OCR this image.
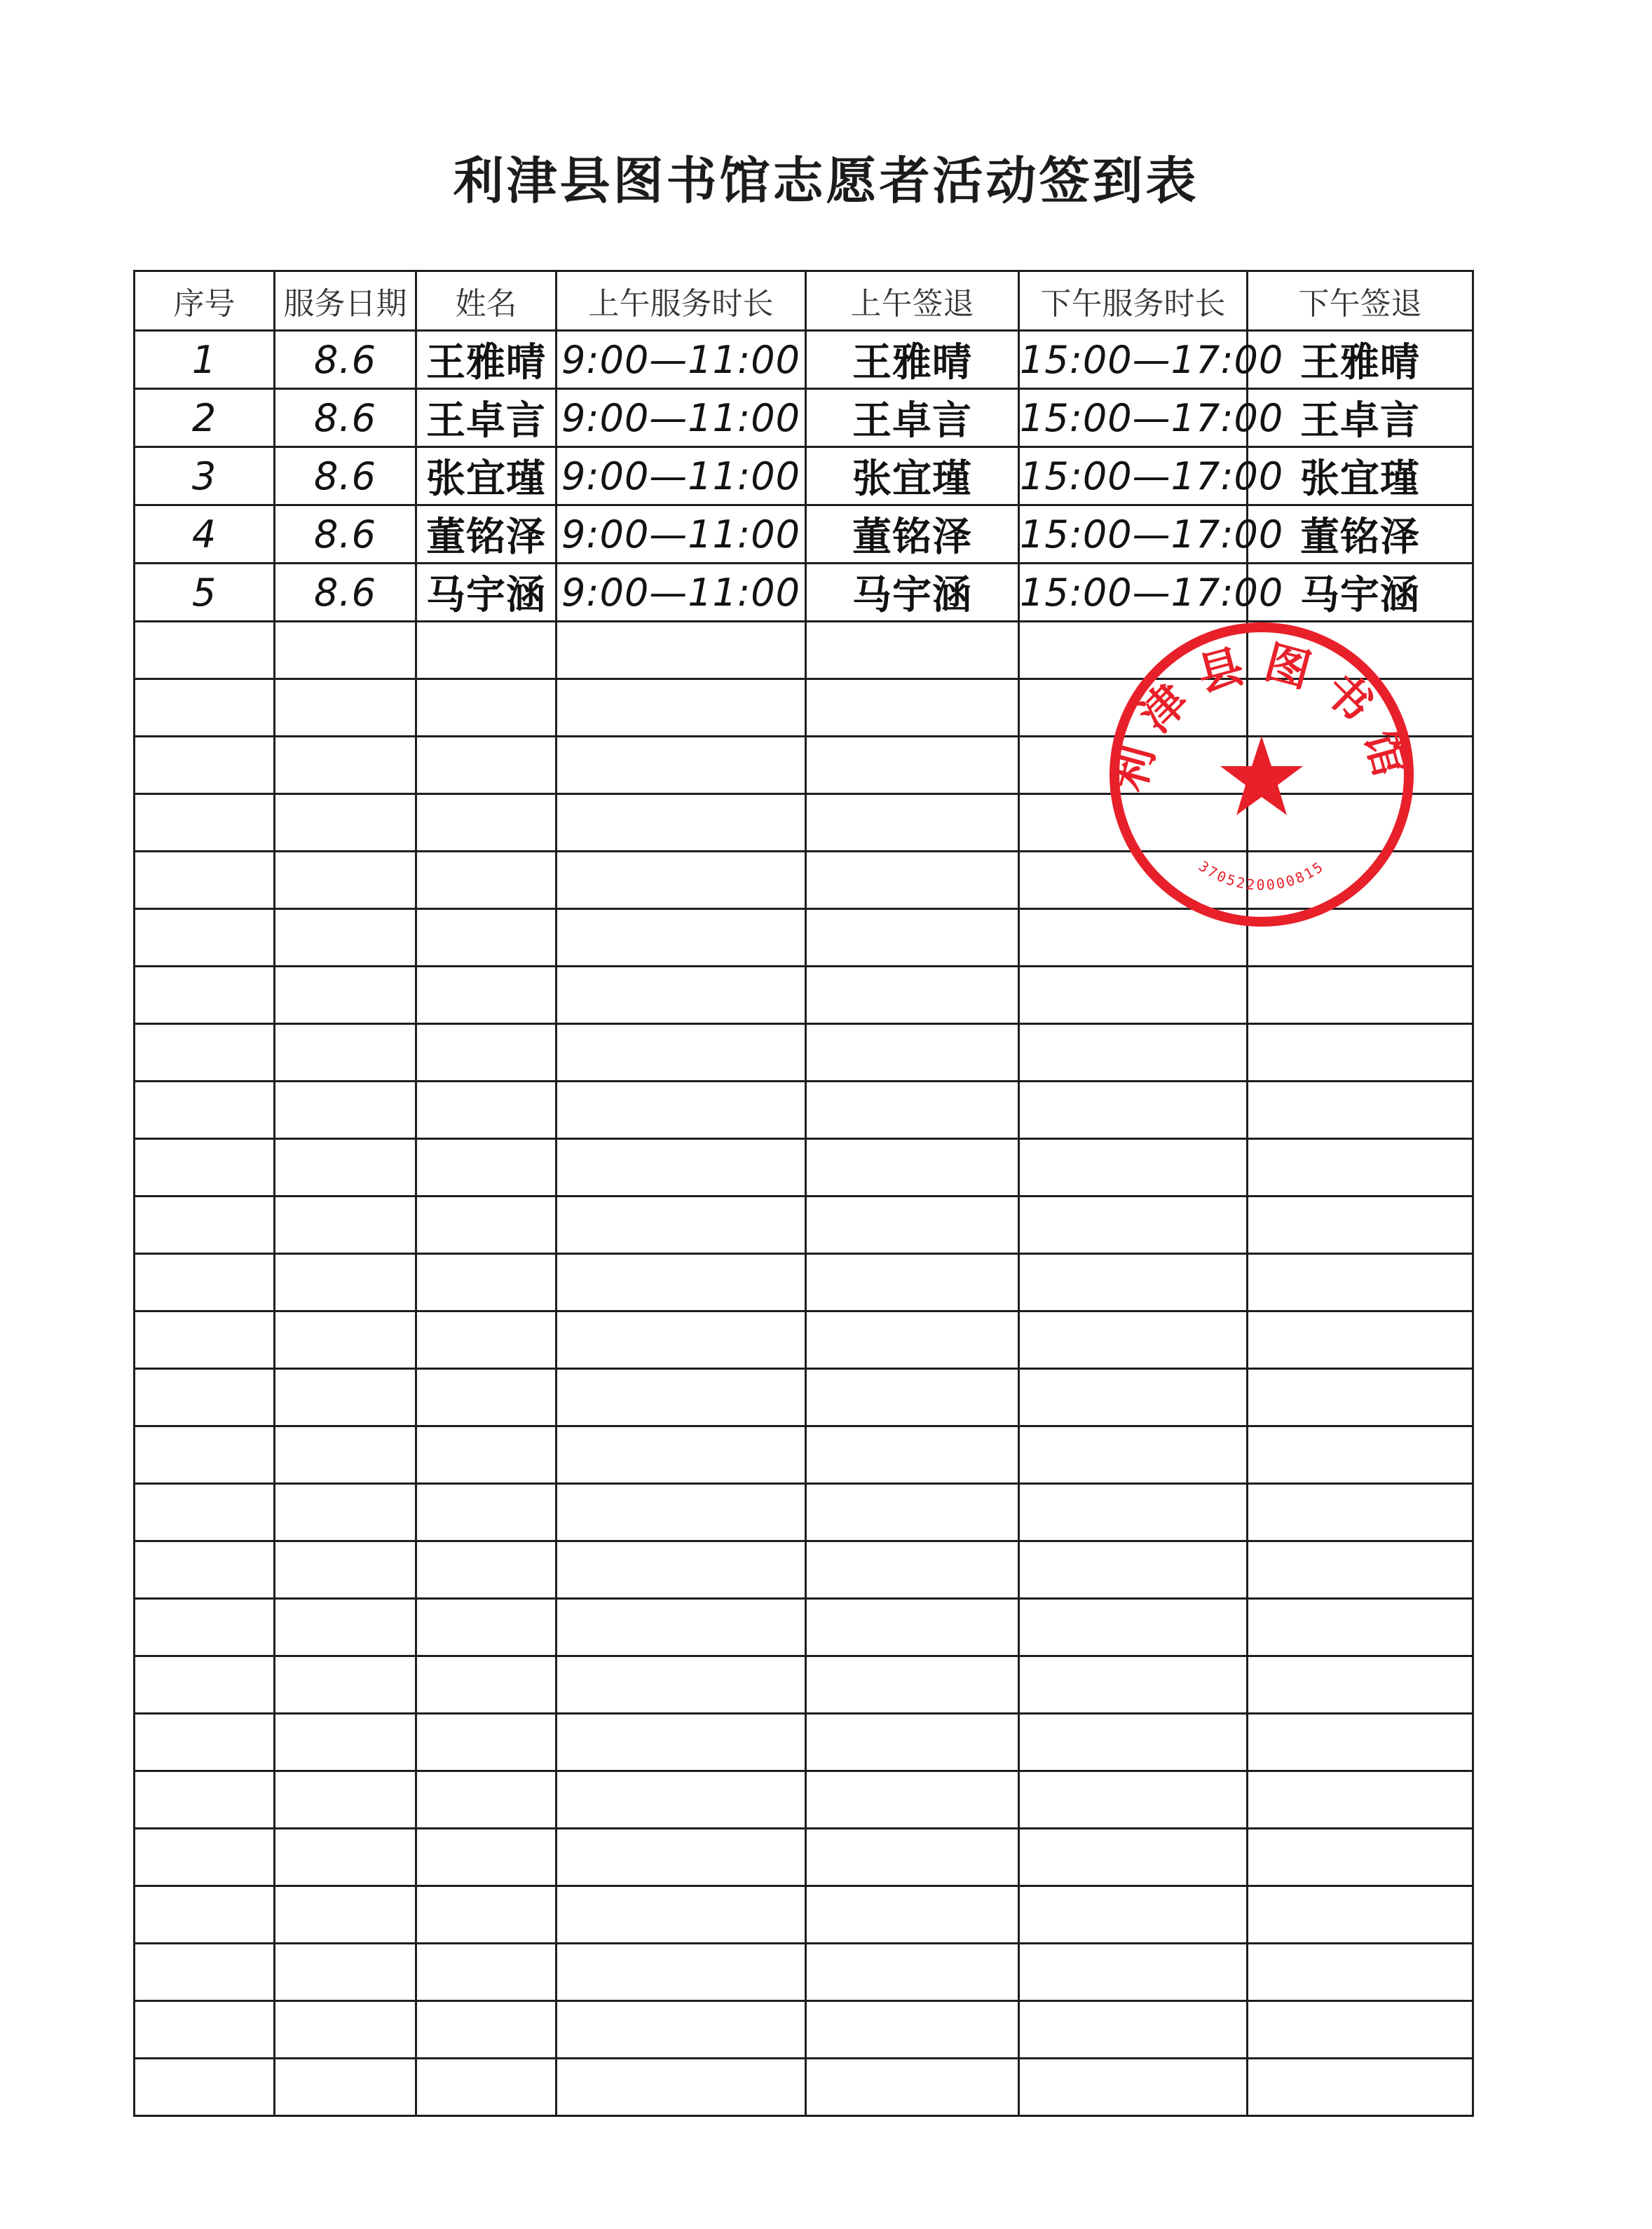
利津县图书馆志愿者活动签到表
序号	服务日期	姓名	上午服务时长	上午签退	下午服务时长	下午签退
1	8.6	王雅晴	9:00—11:00	王雅晴	15:00—17:00	王雅晴
2	8.6	王卓言	9:00—11:00	王卓言	15:00—17:00	王卓言
3	8.6	张宜瑾	9:00—11:00	张宜瑾	15:00—17:00	张宜瑾
4	8.6	董铭泽	9:00—11:00	董铭泽	15:00—17:00	董铭泽
5	8.6	马宇涵	9:00—11:00	马宇涵	15:00—17:00	马宇涵

利津县图书馆
3705220000815
